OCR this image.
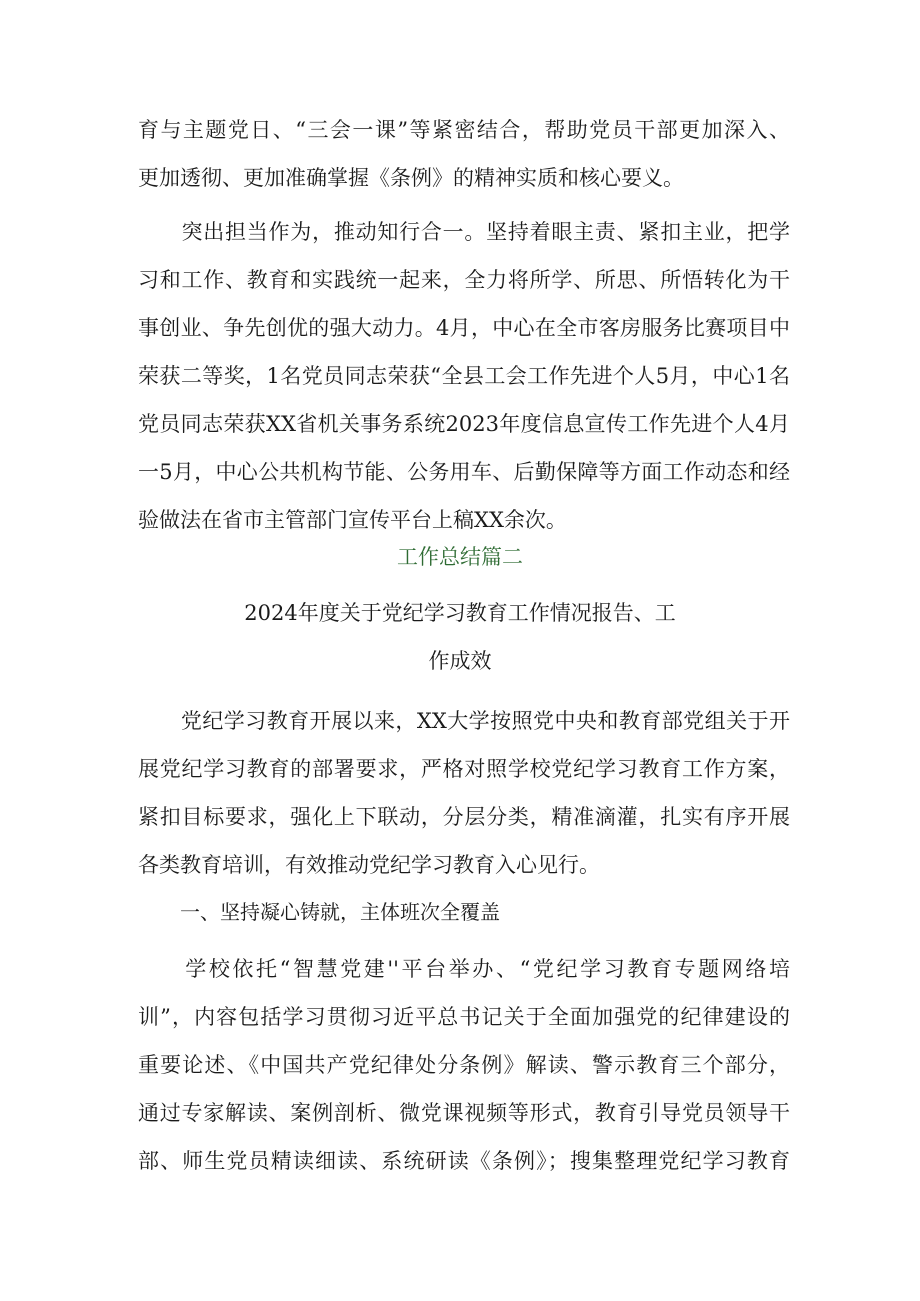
育与主题党日、“三会一课”等紧密结合，帮助党员干部更加深入、
更加透彻、更加准确掌握《条例》的精神实质和核心要义。
　　突出担当作为，推动知行合一。坚持着眼主责、紧扣主业，把学
习和工作、教育和实践统一起来，全力将所学、所思、所悟转化为干
事创业、争先创优的强大动力。4月，中心在全市客房服务比赛项目中
荣获二等奖，1名党员同志荣获“全县工会工作先进个人5月，中心1名
党员同志荣获XX省机关事务系统2023年度信息宣传工作先进个人4月
一5月，中心公共机构节能、公务用车、后勤保障等方面工作动态和经
验做法在省市主管部门宣传平台上稿XX余次。

工作总结篇二

2024年度关于党纪学习教育工作情况报告、工

作成效

　　党纪学习教育开展以来，XX大学按照党中央和教育部党组关于开
展党纪学习教育的部署要求，严格对照学校党纪学习教育工作方案，
紧扣目标要求，强化上下联动，分层分类，精准滴灌，扎实有序开展
各类教育培训，有效推动党纪学习教育入心见行。

一、坚持凝心铸就，主体班次全覆盖

　　学校依托“智慧党建''平台举办、“党纪学习教育专题网络培
训”，内容包括学习贯彻习近平总书记关于全面加强党的纪律建设的
重要论述、《中国共产党纪律处分条例》解读、警示教育三个部分，
通过专家解读、案例剖析、微党课视频等形式，教育引导党员领导干
部、师生党员精读细读、系统研读《条例》；搜集整理党纪学习教育
